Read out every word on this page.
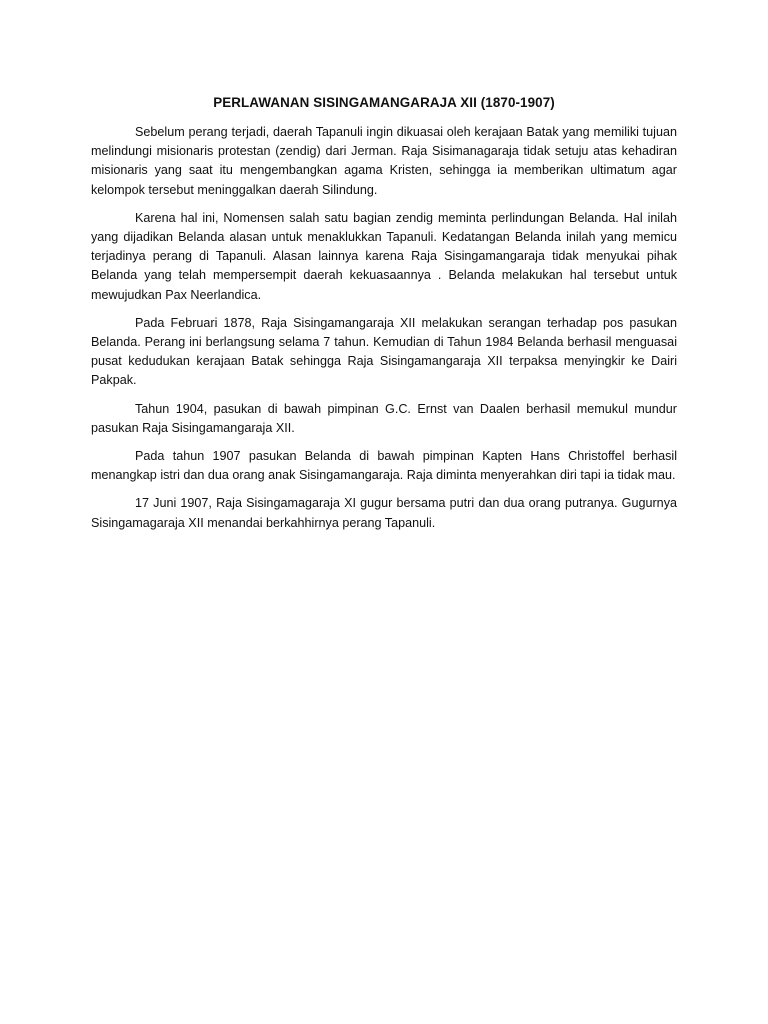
PERLAWANAN SISINGAMANGARAJA XII (1870-1907)

Sebelum perang terjadi, daerah Tapanuli ingin dikuasai oleh kerajaan Batak yang memiliki tujuan melindungi misionaris protestan (zendig) dari Jerman. Raja Sisimanagaraja tidak setuju atas kehadiran misionaris yang saat itu mengembangkan agama Kristen, sehingga ia memberikan ultimatum agar kelompok tersebut meninggalkan daerah Silindung.

Karena hal ini, Nomensen salah satu bagian zendig meminta perlindungan Belanda. Hal inilah yang dijadikan Belanda alasan untuk menaklukkan Tapanuli. Kedatangan Belanda inilah yang memicu terjadinya perang di Tapanuli. Alasan lainnya karena Raja Sisingamangaraja tidak menyukai pihak Belanda yang telah mempersempit daerah kekuasaannya . Belanda melakukan hal tersebut untuk mewujudkan Pax Neerlandica.

Pada Februari 1878, Raja Sisingamangaraja XII melakukan serangan terhadap pos pasukan Belanda. Perang ini berlangsung selama 7 tahun. Kemudian di Tahun 1984 Belanda berhasil menguasai pusat kedudukan kerajaan Batak sehingga Raja Sisingamangaraja XII terpaksa menyingkir ke Dairi Pakpak.

Tahun 1904, pasukan di bawah pimpinan G.C. Ernst van Daalen berhasil memukul mundur pasukan Raja Sisingamangaraja XII.

Pada tahun 1907 pasukan Belanda di bawah pimpinan Kapten Hans Christoffel berhasil menangkap istri dan dua orang anak Sisingamangaraja. Raja diminta menyerahkan diri tapi ia tidak mau.

17 Juni 1907, Raja Sisingamagaraja XI gugur bersama putri dan dua orang putranya. Gugurnya Sisingamagaraja XII menandai berkahhirnya perang Tapanuli.
